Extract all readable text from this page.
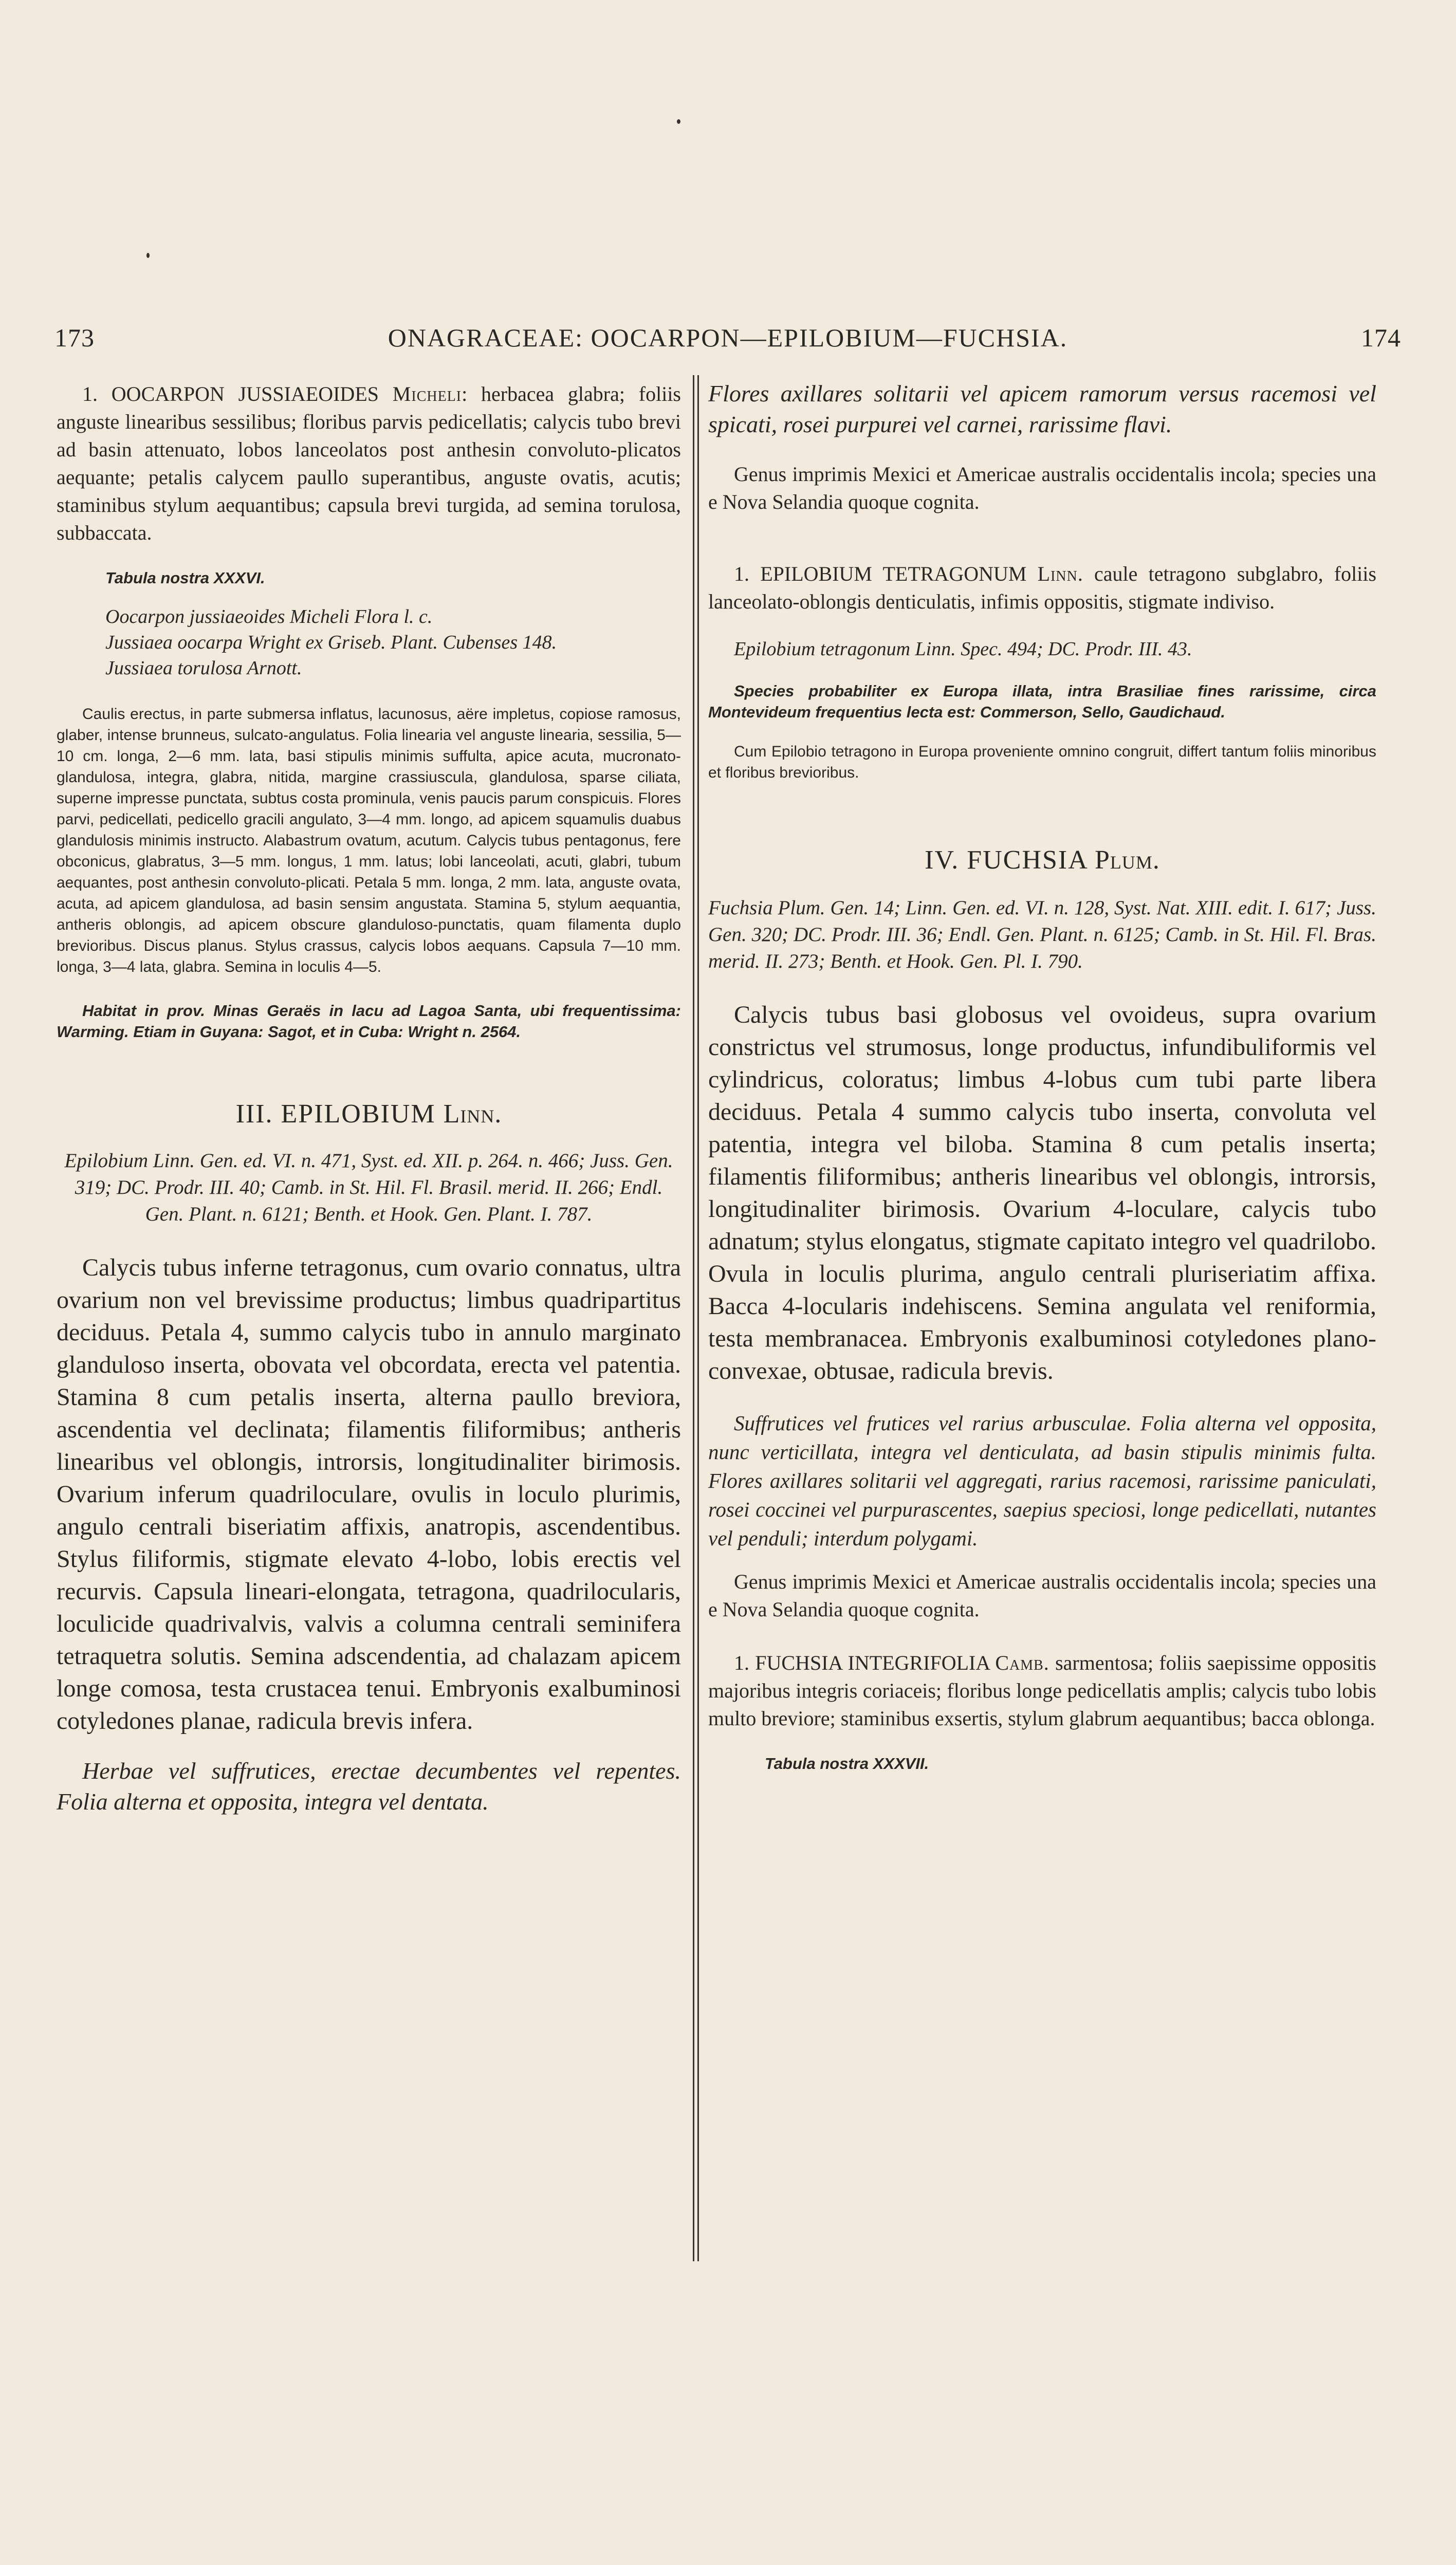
173	ONAGRACEAE: OOCARPON—EPILOBIUM—FUCHSIA.	174

1. OOCARPON JUSSIAEOIDES Micheli: herbacea glabra; foliis anguste linearibus sessilibus; floribus parvis pedicellatis; calycis tubo brevi ad basin attenuato, lobos lanceolatos post anthesin convoluto-plicatos aequante; petalis calycem paullo superantibus, anguste ovatis, acutis; staminibus stylum aequantibus; capsula brevi turgida, ad semina torulosa, subbaccata.

Tabula nostra XXXVI.

Oocarpon jussiaeoides Micheli Flora l. c.

Jussiaea oocarpa Wright ex Griseb. Plant. Cubenses 148.

Jussiaea torulosa Arnott.

Caulis erectus, in parte submersa inflatus, lacunosus, aëre impletus, copiose ramosus, glaber, intense brunneus, sulcato-angulatus. Folia linearia vel anguste linearia, sessilia, 5—10 cm. longa, 2—6 mm. lata, basi stipulis minimis suffulta, apice acuta, mucronato-glandulosa, integra, glabra, nitida, margine crassiuscula, glandulosa, sparse ciliata, superne impresse punctata, subtus costa prominula, venis paucis parum conspicuis. Flores parvi, pedicellati, pedicello gracili angulato, 3—4 mm. longo, ad apicem squamulis duabus glandulosis minimis instructo. Alabastrum ovatum, acutum. Calycis tubus pentagonus, fere obconicus, glabratus, 3—5 mm. longus, 1 mm. latus; lobi lanceolati, acuti, glabri, tubum aequantes, post anthesin convoluto-plicati. Petala 5 mm. longa, 2 mm. lata, anguste ovata, acuta, ad apicem glandulosa, ad basin sensim angustata. Stamina 5, stylum aequantia, antheris oblongis, ad apicem obscure glanduloso-punctatis, quam filamenta duplo brevioribus. Discus planus. Stylus crassus, calycis lobos aequans. Capsula 7—10 mm. longa, 3—4 lata, glabra. Semina in loculis 4—5.

Habitat in prov. Minas Geraës in lacu ad Lagoa Santa, ubi frequentissima: Warming. Etiam in Guyana: Sagot, et in Cuba: Wright n. 2564.

III. EPILOBIUM Linn.

Epilobium Linn. Gen. ed. VI. n. 471, Syst. ed. XII. p. 264. n. 466; Juss. Gen. 319; DC. Prodr. III. 40; Camb. in St. Hil. Fl. Brasil. merid. II. 266; Endl. Gen. Plant. n. 6121; Benth. et Hook. Gen. Plant. I. 787.

Calycis tubus inferne tetragonus, cum ovario connatus, ultra ovarium non vel brevissime productus; limbus quadripartitus deciduus. Petala 4, summo calycis tubo in annulo marginato glanduloso inserta, obovata vel obcordata, erecta vel patentia. Stamina 8 cum petalis inserta, alterna paullo breviora, ascendentia vel declinata; filamentis filiformibus; antheris linearibus vel oblongis, introrsis, longitudinaliter birimosis. Ovarium inferum quadriloculare, ovulis in loculo plurimis, angulo centrali biseriatim affixis, anatropis, ascendentibus. Stylus filiformis, stigmate elevato 4-lobo, lobis erectis vel recurvis. Capsula lineari-elongata, tetragona, quadrilocularis, loculicide quadrivalvis, valvis a columna centrali seminifera tetraquetra solutis. Semina adscendentia, ad chalazam apicem longe comosa, testa crustacea tenui. Embryonis exalbuminosi cotyledones planae, radicula brevis infera.

Herbae vel suffrutices, erectae decumbentes vel repentes. Folia alterna et opposita, integra vel dentata.

Flores axillares solitarii vel apicem ramorum versus racemosi vel spicati, rosei purpurei vel carnei, rarissime flavi.

Genus imprimis Mexici et Americae australis occidentalis incola; species una e Nova Selandia quoque cognita.

1. EPILOBIUM TETRAGONUM Linn. caule tetragono subglabro, foliis lanceolato-oblongis denticulatis, infimis oppositis, stigmate indiviso.

Epilobium tetragonum Linn. Spec. 494; DC. Prodr. III. 43.

Species probabiliter ex Europa illata, intra Brasiliae fines rarissime, circa Montevideum frequentius lecta est: Commerson, Sello, Gaudichaud.

Cum Epilobio tetragono in Europa proveniente omnino congruit, differt tantum foliis minoribus et floribus brevioribus.

IV. FUCHSIA Plum.

Fuchsia Plum. Gen. 14; Linn. Gen. ed. VI. n. 128, Syst. Nat. XIII. edit. I. 617; Juss. Gen. 320; DC. Prodr. III. 36; Endl. Gen. Plant. n. 6125; Camb. in St. Hil. Fl. Bras. merid. II. 273; Benth. et Hook. Gen. Pl. I. 790.

Calycis tubus basi globosus vel ovoideus, supra ovarium constrictus vel strumosus, longe productus, infundibuliformis vel cylindricus, coloratus; limbus 4-lobus cum tubi parte libera deciduus. Petala 4 summo calycis tubo inserta, convoluta vel patentia, integra vel biloba. Stamina 8 cum petalis inserta; filamentis filiformibus; antheris linearibus vel oblongis, introrsis, longitudinaliter birimosis. Ovarium 4-loculare, calycis tubo adnatum; stylus elongatus, stigmate capitato integro vel quadrilobo. Ovula in loculis plurima, angulo centrali pluriseriatim affixa. Bacca 4-locularis indehiscens. Semina angulata vel reniformia, testa membranacea. Embryonis exalbuminosi cotyledones plano-convexae, obtusae, radicula brevis.

Suffrutices vel frutices vel rarius arbusculae. Folia alterna vel opposita, nunc verticillata, integra vel denticulata, ad basin stipulis minimis fulta. Flores axillares solitarii vel aggregati, rarius racemosi, rarissime paniculati, rosei coccinei vel purpurascentes, saepius speciosi, longe pedicellati, nutantes vel penduli; interdum polygami.

Genus imprimis Mexici et Americae australis occidentalis incola; species una e Nova Selandia quoque cognita.

1. FUCHSIA INTEGRIFOLIA Camb. sarmentosa; foliis saepissime oppositis majoribus integris coriaceis; floribus longe pedicellatis amplis; calycis tubo lobis multo breviore; staminibus exsertis, stylum glabrum aequantibus; bacca oblonga.

Tabula nostra XXXVII.
